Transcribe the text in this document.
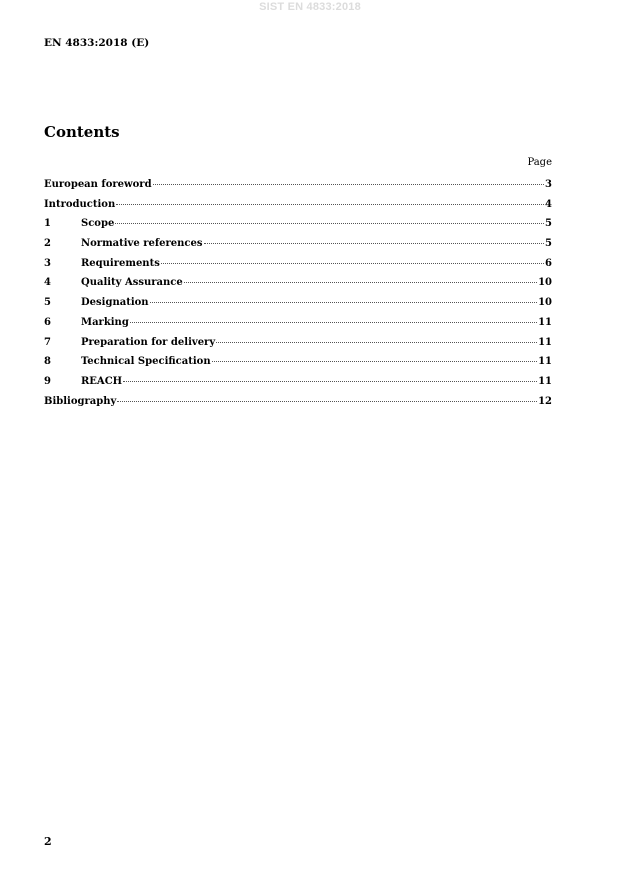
SIST EN 4833:2018
EN 4833:2018 (E)
Contents
Page
European foreword	3
Introduction	4
1	Scope	5
2	Normative references	5
3	Requirements	6
4	Quality Assurance	10
5	Designation	10
6	Marking	11
7	Preparation for delivery	11
8	Technical Specification	11
9	REACH	11
Bibliography	12
2
